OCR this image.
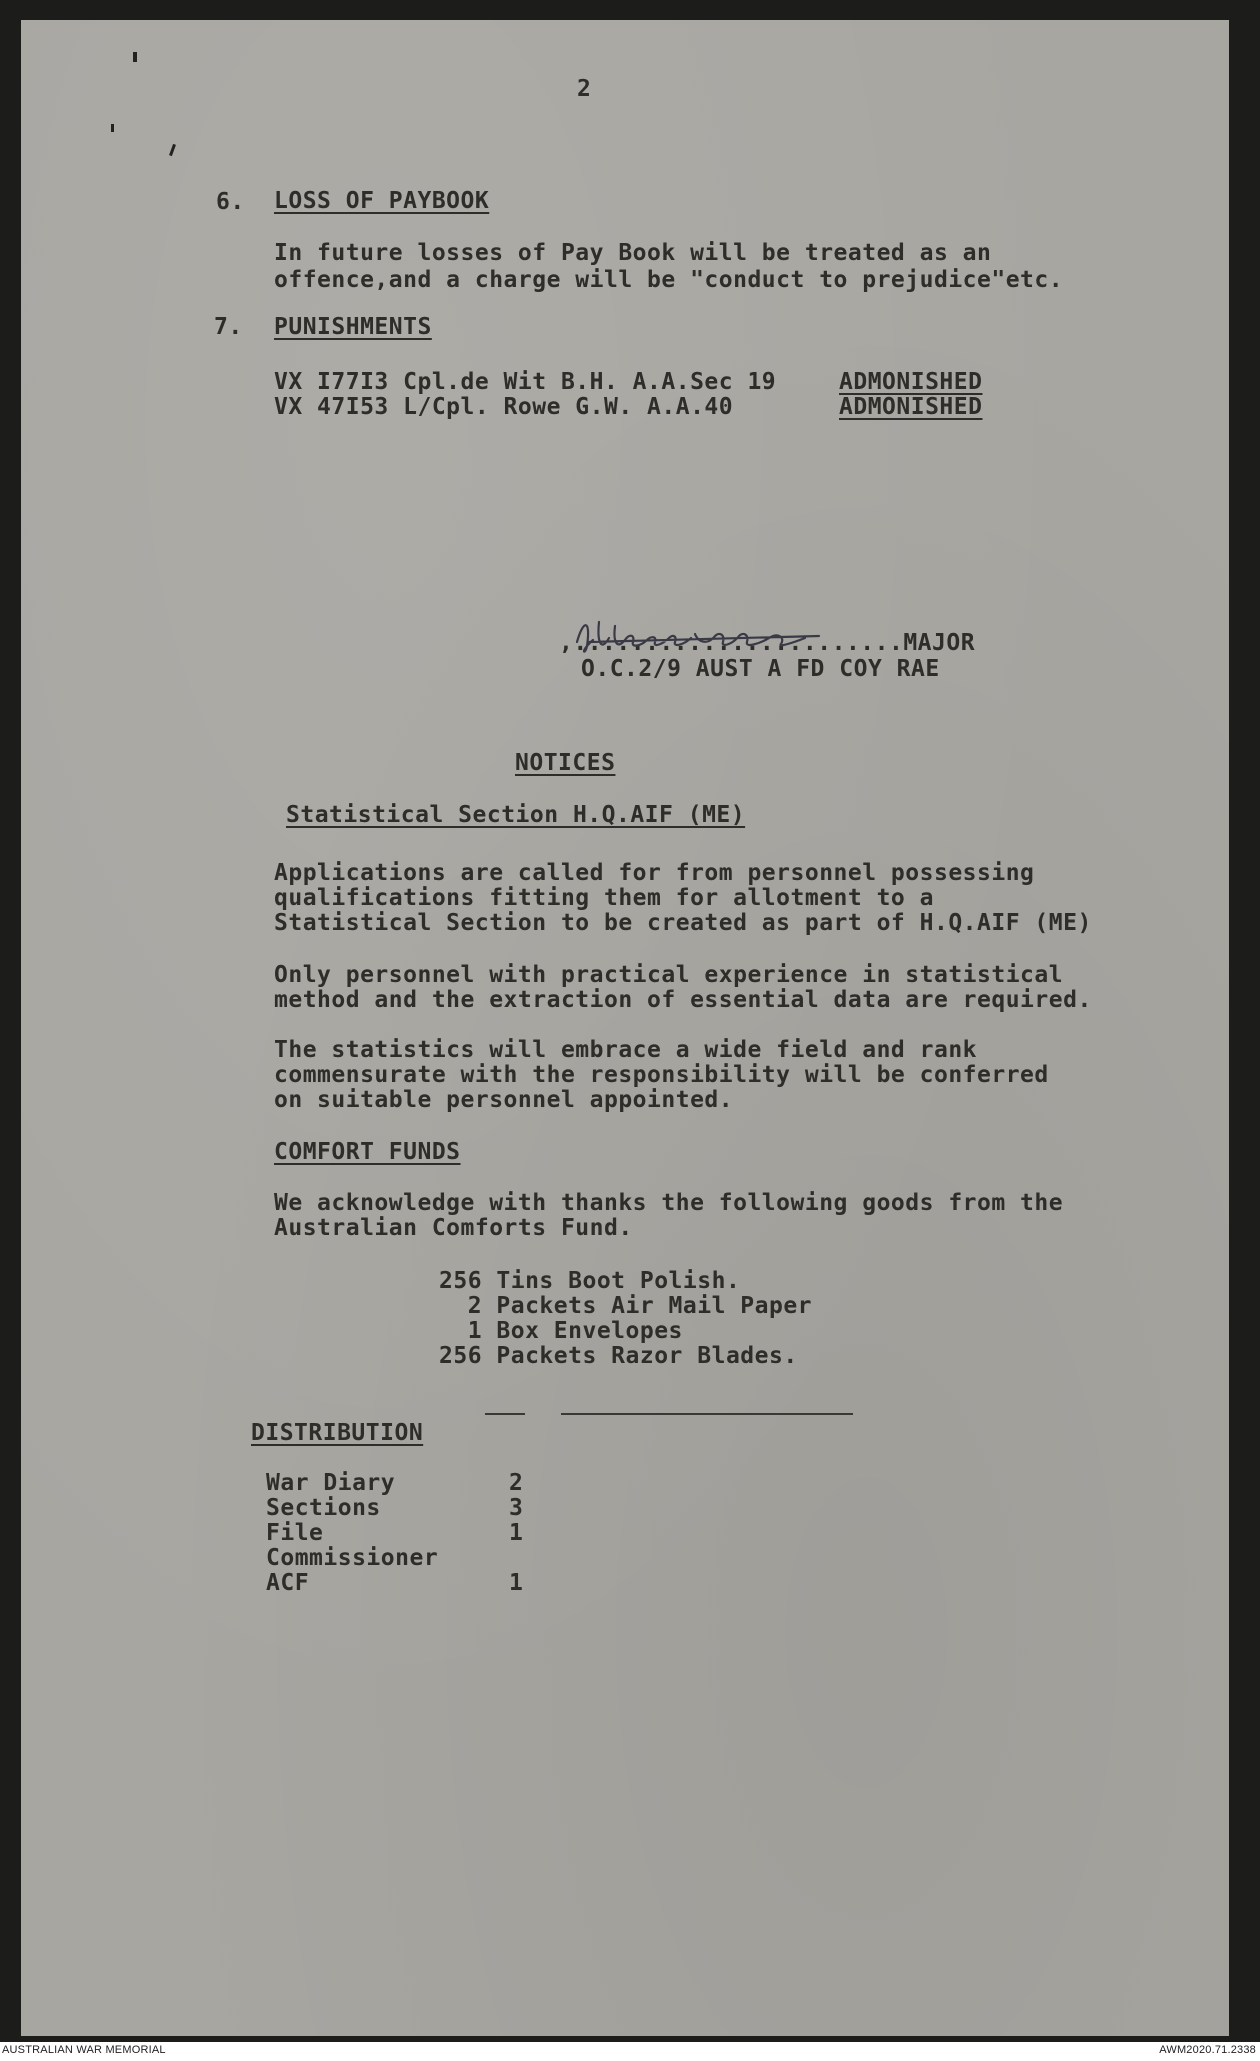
2
6. LOSS OF PAYBOOK
In future losses of Pay Book will be treated as an
offence,and a charge will be "conduct to prejudice"etc.
7. PUNISHMENTS
VX I77I3 Cpl.de Wit B.H. A.A.Sec 19	ADMONISHED
VX 47I53 L/Cpl. Rowe G.W. A.A.40	ADMONISHED
,.......................MAJOR
O.C.2/9 AUST A FD COY RAE
NOTICES
Statistical Section H.Q.AIF (ME)
Applications are called for from personnel possessing
qualifications fitting them for allotment to a
Statistical Section to be created as part of H.Q.AIF (ME)
Only personnel with practical experience in statistical
method and the extraction of essential data are required.
The statistics will embrace a wide field and rank
commensurate with the responsibility will be conferred
on suitable personnel appointed.
COMFORT FUNDS
We acknowledge with thanks the following goods from the
Australian Comforts Fund.
256 Tins Boot Polish.
2 Packets Air Mail Paper
1 Box Envelopes
256 Packets Razor Blades.
DISTRIBUTION
War Diary	2
Sections	3
File	1
Commissioner
ACF	1
AUSTRALIAN WAR MEMORIAL	AWM2020.71.2338
